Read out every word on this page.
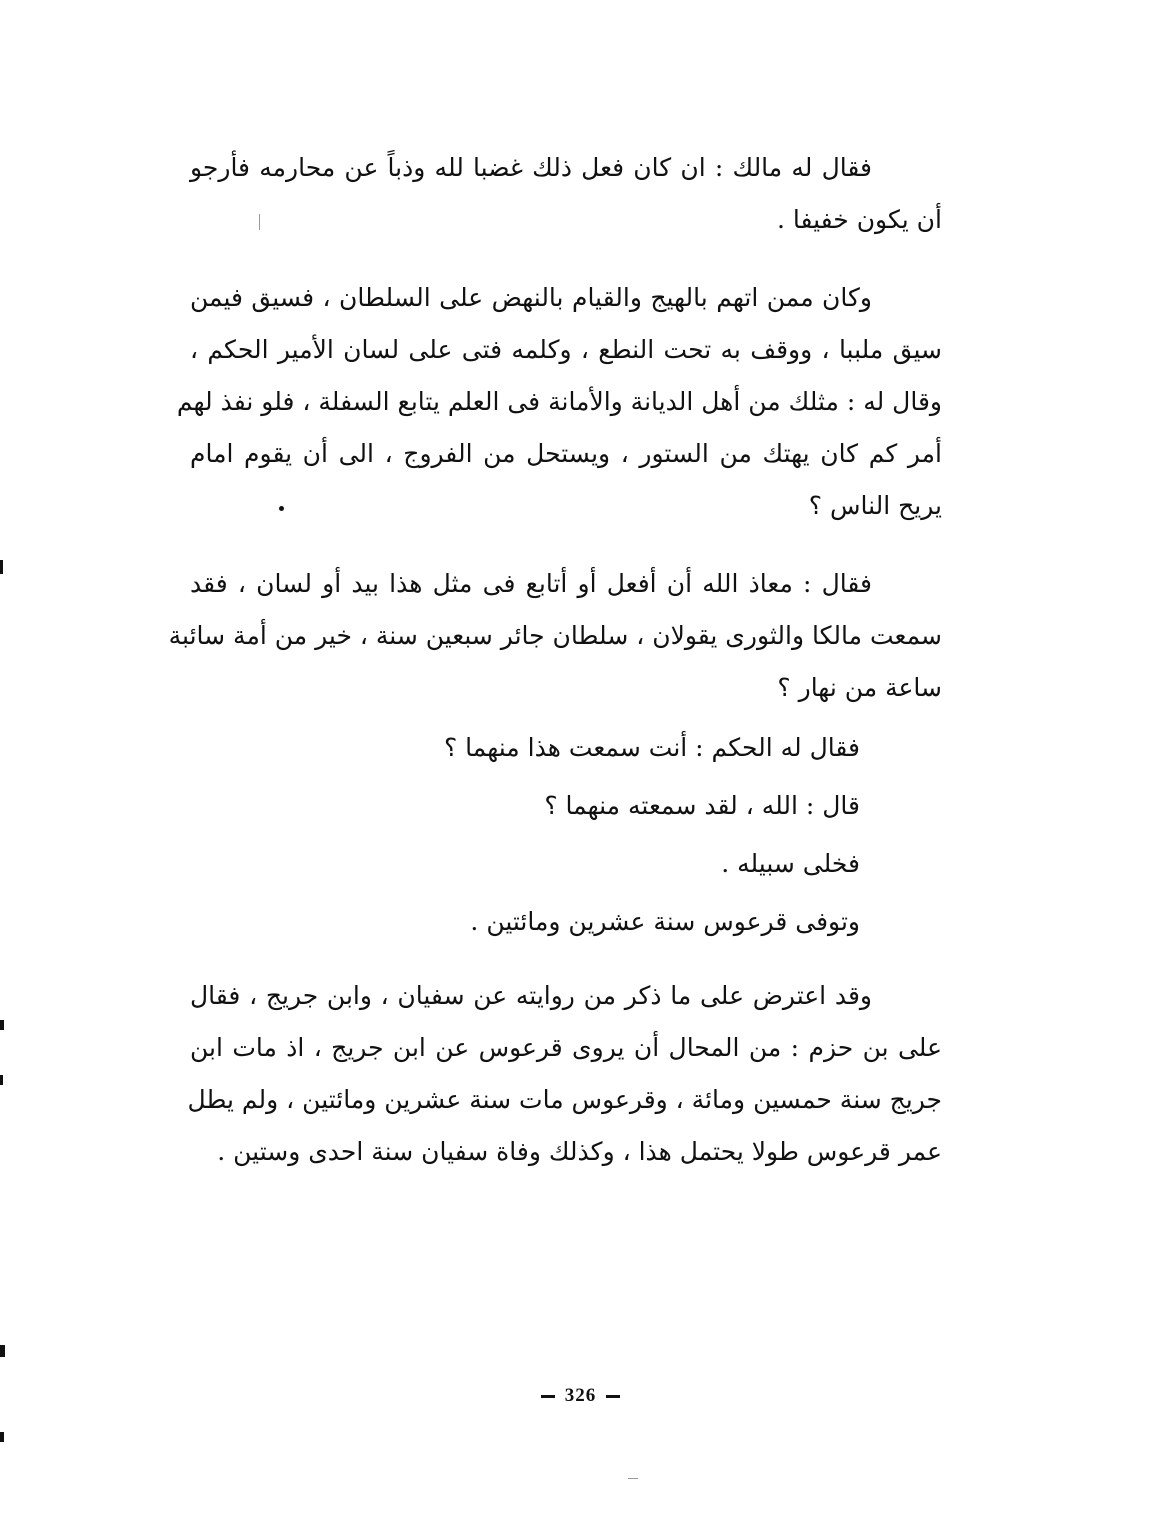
فقال له مالك : ان كان فعل ذلك غضبا لله وذباً عن محارمه فأرجو
أن يكون خفيفا .
وكان ممن اتهم بالهيج والقيام بالنهض على السلطان ، فسيق فيمن
سيق ملببا ، ووقف به تحت النطع ، وكلمه فتى على لسان الأمير الحكم ،
وقال له : مثلك من أهل الديانة والأمانة فى العلم يتابع السفلة ، فلو نفذ لهم
أمر كم كان يهتك من الستور ، ويستحل من الفروج ، الى أن يقوم امام
يريح الناس ؟
فقال : معاذ الله أن أفعل أو أتابع فى مثل هذا بيد أو لسان ، فقد
سمعت مالكا والثورى يقولان ، سلطان جائر سبعين سنة ، خير من أمة سائبة
ساعة من نهار ؟
فقال له الحكم : أنت سمعت هذا منهما ؟
قال : الله ، لقد سمعته منهما ؟
فخلى سبيله .
وتوفى قرعوس سنة عشرين ومائتين .
وقد اعترض على ما ذكر من روايته عن سفيان ، وابن جريج ، فقال
على بن حزم : من المحال أن يروى قرعوس عن ابن جريج ، اذ مات ابن
جريج سنة حمسين ومائة ، وقرعوس مات سنة عشرين ومائتين ، ولم يطل
عمر قرعوس طولا يحتمل هذا ، وكذلك وفاة سفيان سنة احدى وستين .
326
